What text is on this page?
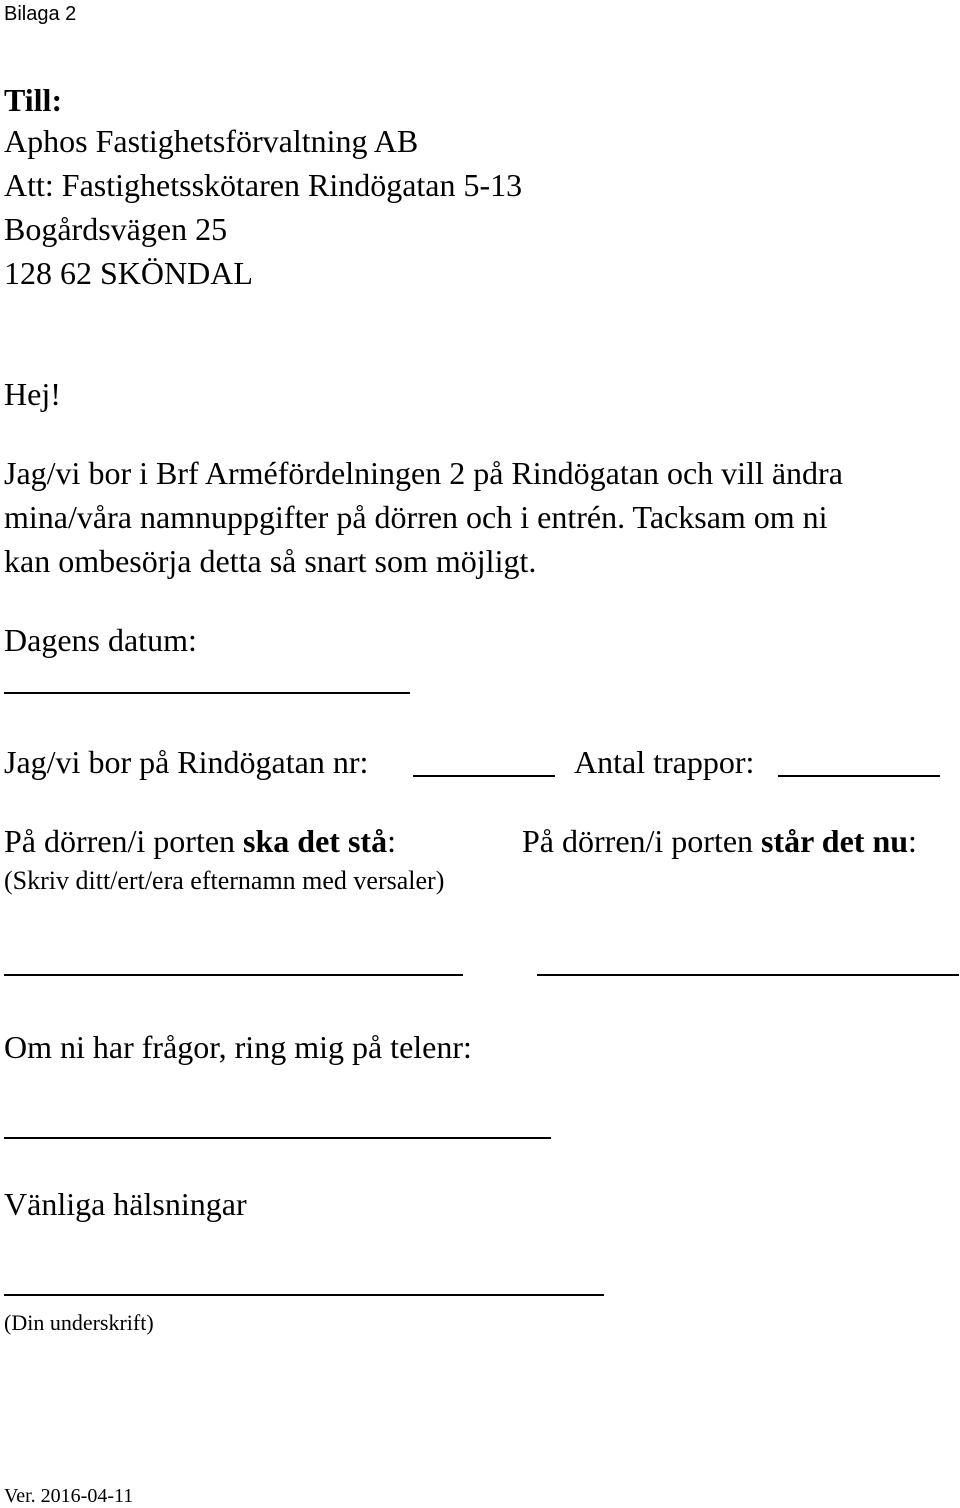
Bilaga 2
Till:
Aphos Fastighetsförvaltning AB
Att: Fastighetsskötaren Rindögatan 5-13
Bogårdsvägen 25
128 62 SKÖNDAL
Hej!
Jag/vi bor i Brf Arméfördelningen 2 på Rindögatan och vill ändra
mina/våra namnuppgifter på dörren och i entrén. Tacksam om ni
kan ombesörja detta så snart som möjligt.
Dagens datum:
Jag/vi bor på Rindögatan nr:	Antal trappor:
På dörren/i porten ska det stå:
(Skriv ditt/ert/era efternamn med versaler)
På dörren/i porten står det nu:
Om ni har frågor, ring mig på telenr:
Vänliga hälsningar
(Din underskrift)
Ver. 2016-04-11
